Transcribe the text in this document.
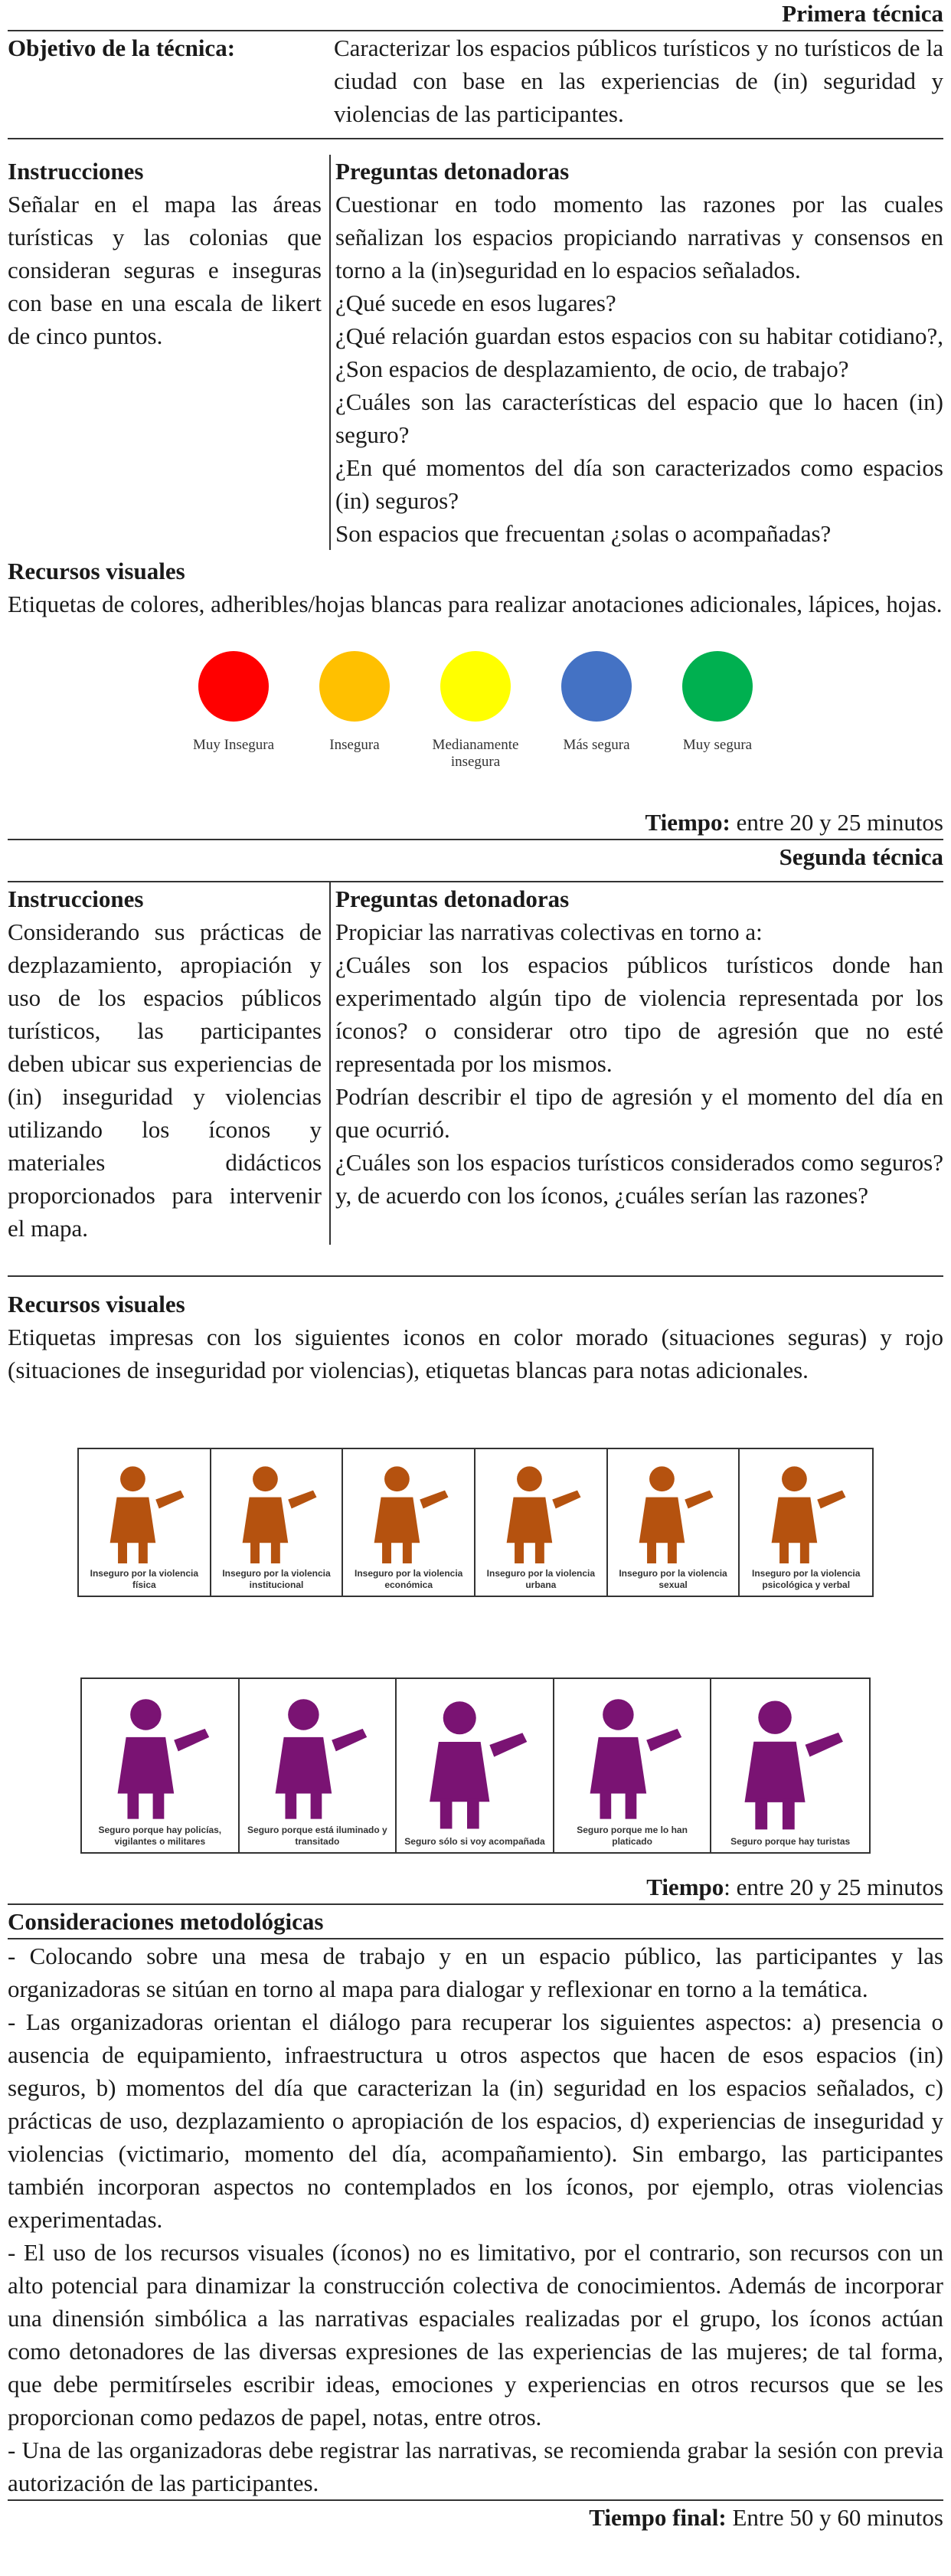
Primera técnica
Objetivo de la técnica:	Caracterizar los espacios públicos turísticos y no turísticos de la ciudad con base en las experiencias de (in) seguridad y violencias de las participantes.
Instrucciones
Señalar en el mapa las áreas turísticas y las colonias que consideran seguras e inseguras con base en una escala de likert de cinco puntos.
Preguntas detonadoras
Cuestionar en todo momento las razones por las cuales señalizan los espacios propiciando narrativas y consensos en torno a la (in)seguridad en lo espacios señalados.
¿Qué sucede en esos lugares?
¿Qué relación guardan estos espacios con su habitar cotidiano?, ¿Son espacios de desplazamiento, de ocio, de trabajo?
¿Cuáles son las características del espacio que lo hacen (in) seguro?
¿En qué momentos del día son caracterizados como espacios (in) seguros?
Son espacios que frecuentan ¿solas o acompañadas?
Recursos visuales
Etiquetas de colores, adheribles/hojas blancas para realizar anotaciones adicionales, lápices, hojas.
Muy Insegura	Insegura	Medianamente insegura
Más segura	Muy segura
Tiempo: entre 20 y 25 minutos
Segunda técnica
Instrucciones
Considerando sus prácticas de dezplazamiento, apropiación y uso de los espacios públicos turísticos, las participantes deben ubicar sus experiencias de (in) inseguridad y violencias utilizando los íconos y materiales didácticos proporcionados para intervenir el mapa.
Preguntas detonadoras
Propiciar las narrativas colectivas en torno a:
¿Cuáles son los espacios públicos turísticos donde han experimentado algún tipo de violencia representada por los íconos? o considerar otro tipo de agresión que no esté representada por los mismos.
Podrían describir el tipo de agresión y el momento del día en que ocurrió.
¿Cuáles son los espacios turísticos considerados como seguros? y, de acuerdo con los íconos, ¿cuáles serían las razones?
Recursos visuales
Etiquetas impresas con los siguientes iconos en color morado (situaciones seguras) y rojo (situaciones de inseguridad por violencias), etiquetas blancas para notas adicionales.
Inseguro por la violencia física
Inseguro por la violencia institucional
Inseguro por la violencia económica
Inseguro por la violencia urbana
Inseguro por la violencia sexual
Inseguro por la violencia psicológica y verbal
Seguro porque hay policías, vigilantes o militares
Seguro porque está iluminado y transitado	Seguro sólo si voy acompañada
Seguro porque me lo han platicado	Seguro porque hay turistas
Tiempo: entre 20 y 25 minutos
Consideraciones metodológicas
- Colocando sobre una mesa de trabajo y en un espacio público, las participantes y las organizadoras se sitúan en torno al mapa para dialogar y reflexionar en torno a la temática.
- Las organizadoras orientan el diálogo para recuperar los siguientes aspectos: a) presencia o ausencia de equipamiento, infraestructura u otros aspectos que hacen de esos espacios (in) seguros, b) momentos del día que caracterizan la (in) seguridad en los espacios señalados, c) prácticas de uso, dezplazamiento o apropiación de los espacios, d) experiencias de inseguridad y violencias (victimario, momento del día, acompañamiento). Sin embargo, las participantes también incorporan aspectos no contemplados en los íconos, por ejemplo, otras violencias experimentadas.
- El uso de los recursos visuales (íconos) no es limitativo, por el contrario, son recursos con un alto potencial para dinamizar la construcción colectiva de conocimientos. Además de incorporar una dinensión simbólica a las narrativas espaciales realizadas por el grupo, los íconos actúan como detonadores de las diversas expresiones de las experiencias de las mujeres; de tal forma, que debe permitírseles escribir ideas, emociones y experiencias en otros recursos que se les proporcionan como pedazos de papel, notas, entre otros.
- Una de las organizadoras debe registrar las narrativas, se recomienda grabar la sesión con previa autorización de las participantes.
Tiempo final: Entre 50 y 60 minutos
